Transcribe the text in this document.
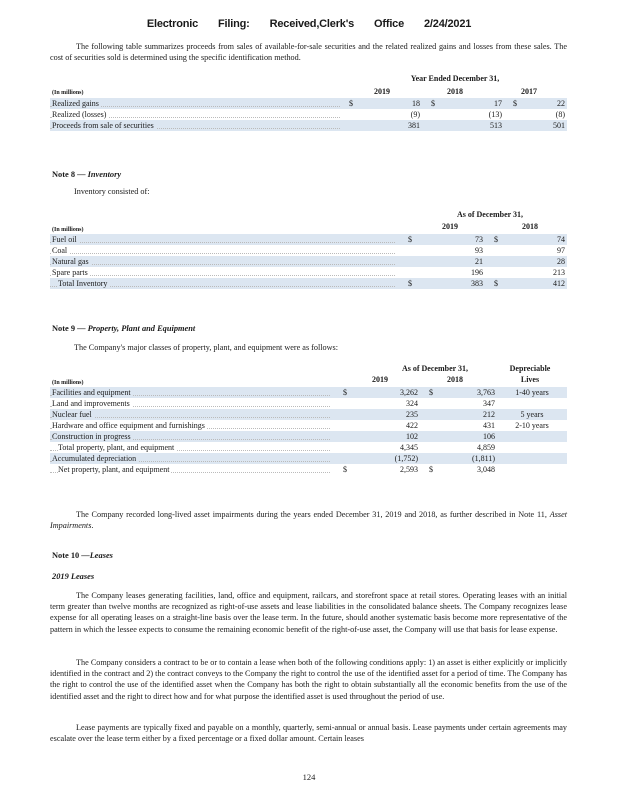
Electronic Filing: Received,Clerk's Office 2/24/2021

The following table summarizes proceeds from sales of available-for-sale securities and the related realized gains and losses from these sales. The cost of securities sold is determined using the specific identification method.

Year Ended December 31,
(In millions)	2019	2018	2017
Realized gains	$	18	$	17	$	22

Realized (losses)		(9)		(13)		(8)

Proceeds from sale of securities		381		513		501
Note 8 — Inventory
Inventory consisted of:
As of December 31,
(In millions)	2019	2018
Fuel oil	$	73	$	74

Coal		93		97

Natural gas		21		28

Spare parts		196		213

Total Inventory	$	383	$	412
Note 9 — Property, Plant and Equipment
The Company's major classes of property, plant, and equipment were as follows:
As of December 31,	Depreciable
(In millions)	2019	2018	Lives
Facilities and equipment	$	3,262	$	3,763	1-40 years

Land and improvements		324		347	

Nuclear fuel		235		212	5 years

Hardware and office equipment and furnishings		422		431	2-10 years

Construction in progress		102		106	

Total property, plant, and equipment		4,345		4,859	

Accumulated depreciation		(1,752)		(1,811)	

Net property, plant, and equipment	$	2,593	$	3,048	

The Company recorded long-lived asset impairments during the years ended December 31, 2019 and 2018, as further described in Note 11, Asset Impairments.

Note 10 —Leases
2019 Leases

The Company leases generating facilities, land, office and equipment, railcars, and storefront space at retail stores. Operating leases with an initial term greater than twelve months are recognized as right-of-use assets and lease liabilities in the consolidated balance sheets. The Company recognizes lease expense for all operating leases on a straight-line basis over the lease term. In the future, should another systematic basis become more representative of the pattern in which the lessee expects to consume the remaining economic benefit of the right-of-use asset, the Company will use that basis for lease expense.

The Company considers a contract to be or to contain a lease when both of the following conditions apply: 1) an asset is either explicitly or implicitly identified in the contract and 2) the contract conveys to the Company the right to control the use of the identified asset for a period of time. The Company has the right to control the use of the identified asset when the Company has both the right to obtain substantially all the economic benefits from the use of the identified asset and the right to direct how and for what purpose the identified asset is used throughout the period of use.

Lease payments are typically fixed and payable on a monthly, quarterly, semi-annual or annual basis. Lease payments under certain agreements may escalate over the lease term either by a fixed percentage or a fixed dollar amount. Certain leases

124
